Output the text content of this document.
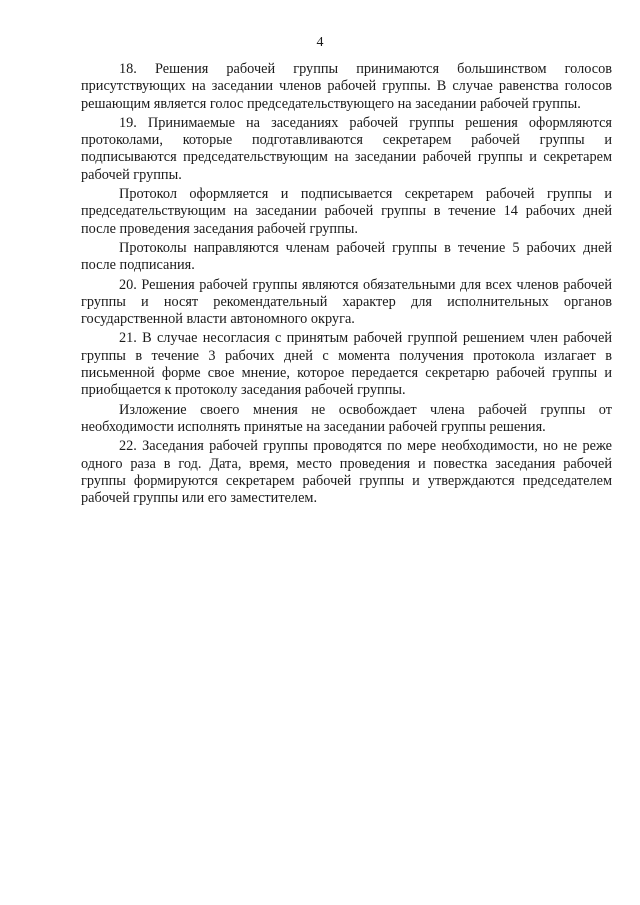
4

18. Решения рабочей группы принимаются большинством голосов присутствующих на заседании членов рабочей группы. В случае равенства голосов решающим является голос председательствующего на заседании рабочей группы.

19. Принимаемые на заседаниях рабочей группы решения оформляются протоколами, которые подготавливаются секретарем рабочей группы и подписываются председательствующим на заседании рабочей группы и секретарем рабочей группы.

Протокол оформляется и подписывается секретарем рабочей группы и председательствующим на заседании рабочей группы в течение 14 рабочих дней после проведения заседания рабочей группы.

Протоколы направляются членам рабочей группы в течение 5 рабочих дней после подписания.

20. Решения рабочей группы являются обязательными для всех членов рабочей группы и носят рекомендательный характер для исполнительных органов государственной власти автономного округа.

21. В случае несогласия с принятым рабочей группой решением член рабочей группы в течение 3 рабочих дней с момента получения протокола излагает в письменной форме свое мнение, которое передается секретарю рабочей группы и приобщается к протоколу заседания рабочей группы.

Изложение своего мнения не освобождает члена рабочей группы от необходимости исполнять принятые на заседании рабочей группы решения.

22. Заседания рабочей группы проводятся по мере необходимости, но не реже одного раза в год. Дата, время, место проведения и повестка заседания рабочей группы формируются секретарем рабочей группы и утверждаются председателем рабочей группы или его заместителем.
